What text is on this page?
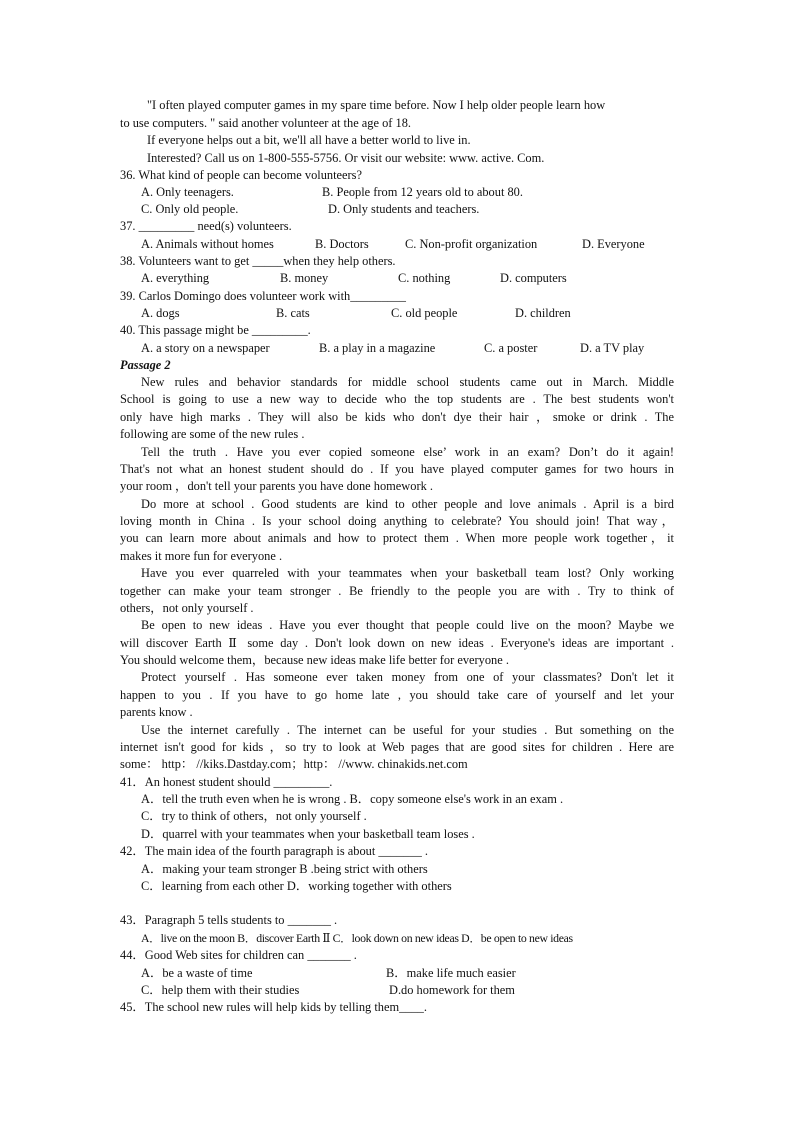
"I often played computer games in my spare time before. Now I help older people learn how
to use computers. " said another volunteer at the age of 18.
If everyone helps out a bit, we'll all have a better world to live in.
Interested? Call us on 1-800-555-5756. Or visit our website: www. active. Com.
36. What kind of people can become volunteers?
A. Only teenagers.	B. People from 12 years old to about 80.
C. Only old people.	D. Only students and teachers.
37. _________ need(s) volunteers.
A. Animals without homes	B. Doctors	C. Non-profit organization	D. Everyone
38. Volunteers want to get _____when they help others.
A. everything	B. money	C. nothing	D. computers
39. Carlos Domingo does volunteer work with_________
A. dogs	B. cats	C. old people	D. children
40. This passage might be _________.
A. a story on a newspaper	B. a play in a magazine	C. a poster	D. a TV play
Passage 2
New rules and behavior standards for middle school students came out in March. Middle
School is going to use a new way to decide who the top students are . The best students won't
only have high marks . They will also be kids who don't dye their hair ，smoke or drink . The
following are some of the new rules .
Tell the truth . Have you ever copied someone else’ work in an exam? Don’t do it again!
That's not what an honest student should do . If you have played computer games for two hours in
your room ，don't tell your parents you have done homework .
Do more at school . Good students are kind to other people and love animals . April is a bird
loving month in China . Is your school doing anything to celebrate? You should join! That way，
you can learn more about animals and how to protect them . When more people work together，it
makes it more fun for everyone .
Have you ever quarreled with your teammates when your basketball team lost? Only working
together can make your team stronger . Be friendly to the people you are with . Try to think of
others，not only yourself .
Be open to new ideas . Have you ever thought that people could live on the moon? Maybe we
will discover Earth Ⅱ some day . Don't look down on new ideas . Everyone's ideas are important .
You should welcome them，because new ideas make life better for everyone .
Protect yourself . Has someone ever taken money from one of your classmates? Don't let it
happen to you . If you have to go home late , you should take care of yourself and let your
parents know .
Use the internet carefully . The internet can be useful for your studies . But something on the
internet isn't good for kids ，so try to look at Web pages that are good sites for children . Here are
some： http： //kiks.Dastday.com；http： //www. chinakids.net.com
41．An honest student should _________.
A．tell the truth even when he is wrong . B．copy someone else's work in an exam .
C．try to think of others，not only yourself .
D．quarrel with your teammates when your basketball team loses .
42．The main idea of the fourth paragraph is about _______ .
A．making your team stronger B .being strict with others
C．learning from each other D．working together with others
43．Paragraph 5 tells students to _______ .
A．live on the moon B．discover Earth Ⅱ C．look down on new ideas D．be open to new ideas
44．Good Web sites for children can _______ .
A．be a waste of time	B．make life much easier
C．help them with their studies	D.do homework for them
45．The school new rules will help kids by telling them____.
